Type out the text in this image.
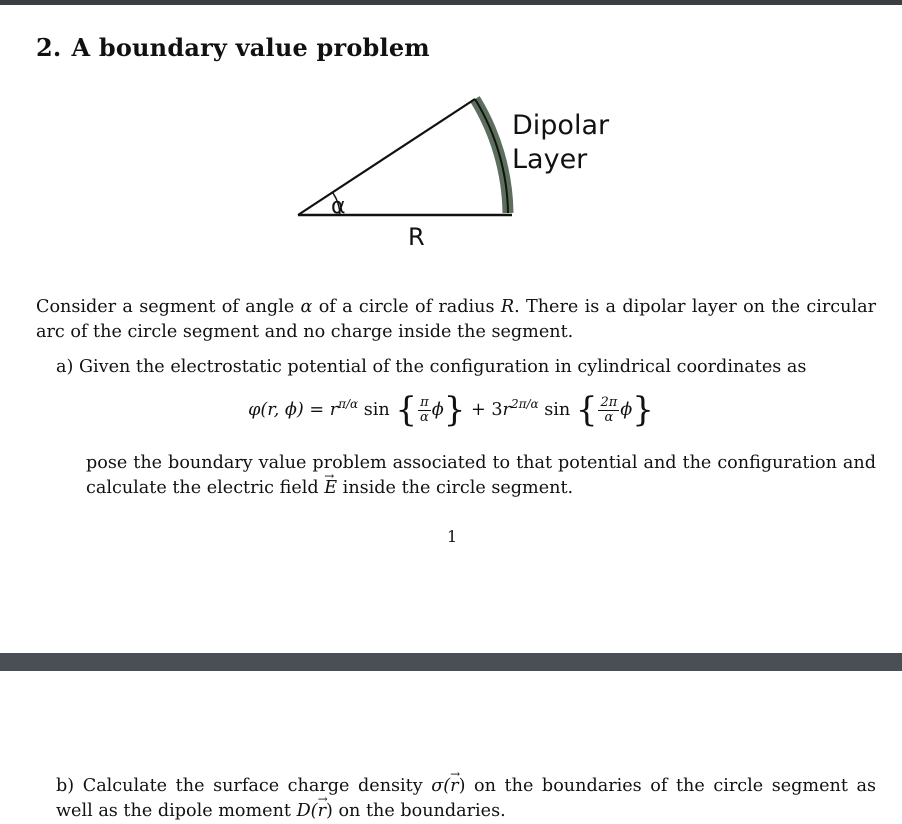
2. A boundary value problem
α
R
Dipolar
Layer
Consider a segment of angle α of a circle of radius R. There is a dipolar layer on the circular arc of the circle segment and no charge inside the segment.
a) Given the electrostatic potential of the configuration in cylindrical coordinates as
φ(r, $\phi) = r^{\pi/\alpha}$ sin { $\frac{\pi}{\alpha} \phi\} + 3r^{2\pi/\alpha}$ sin { $\frac{2\pi}{\alpha} \phi$}
pose the boundary value problem associated to that potential and the configuration and calculate the electric field → E inside the circle segment.
1
b) Calculate the surface charge density σ(→ r) on the boundaries of the circle segment as well as the dipole moment D(→ r) on the boundaries.
